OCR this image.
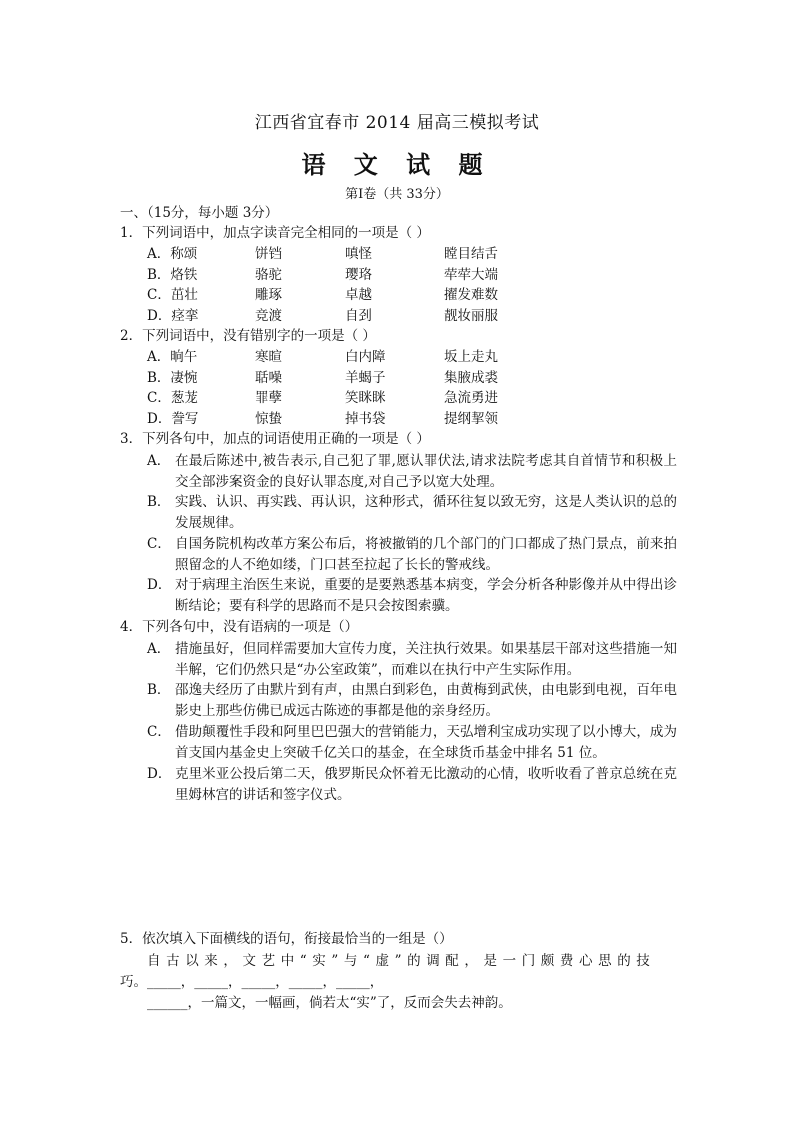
江西省宜春市 2014 届高三模拟考试
语 文 试 题
第Ⅰ卷（共 33分）
一、（15分，每小题 3分）
1．下列词语中，加点字读音完全相同的一项是（ ）
A．称颂	饼铛	嗔怪	瞠目结舌
B．烙铁	骆驼	璎珞	荦荦大端
C．茁壮	雕琢	卓越	擢发难数
D．痉挛	竞渡	自刭	靓妆丽服
2．下列词语中，没有错别字的一项是（ ）
A．晌午	寒暄	白内障	坂上走丸
B．凄惋	聒噪	羊蝎子	集腋成裘
C．葱茏	罪孽	笑眯眯	急流勇进
D．誊写	惊蛰	掉书袋	提纲挈领
3．下列各句中，加点的词语使用正确的一项是（ ）
A． 在最后陈述中,被告表示,自己犯了罪,愿认罪伏法,请求法院考虑其自首情节和积极上交全部涉案资金的良好认罪态度,对自己予以宽大处理。
B． 实践、认识、再实践、再认识，这种形式，循环往复以致无穷，这是人类认识的总的发展规律。
C． 自国务院机构改革方案公布后，将被撤销的几个部门的门口都成了热门景点，前来拍照留念的人不绝如缕，门口甚至拉起了长长的警戒线。
D． 对于病理主治医生来说，重要的是要熟悉基本病变，学会分析各种影像并从中得出诊断结论；要有科学的思路而不是只会按图索骥。
4．下列各句中，没有语病的一项是（）
A． 措施虽好，但同样需要加大宣传力度，关注执行效果。如果基层干部对这些措施一知半解，它们仍然只是“办公室政策”，而难以在执行中产生实际作用。
B． 邵逸夫经历了由默片到有声，由黑白到彩色，由黄梅到武侠，由电影到电视，百年电影史上那些仿佛已成远古陈迹的事都是他的亲身经历。
C． 借助颠覆性手段和阿里巴巴强大的营销能力，天弘增利宝成功实现了以小博大，成为首支国内基金史上突破千亿关口的基金，在全球货币基金中排名 51 位。
D． 克里米亚公投后第二天，俄罗斯民众怀着无比激动的心情，收听收看了普京总统在克里姆林宫的讲话和签字仪式。
5．依次填入下面横线的语句，衔接最恰当的一组是（）
自古以来，文艺中“实”与“虚”的调配，是一门颇费心思的技
巧。_____，_____，_____，_____，_____，
______，一篇文，一幅画，倘若太“实”了，反而会失去神韵。
